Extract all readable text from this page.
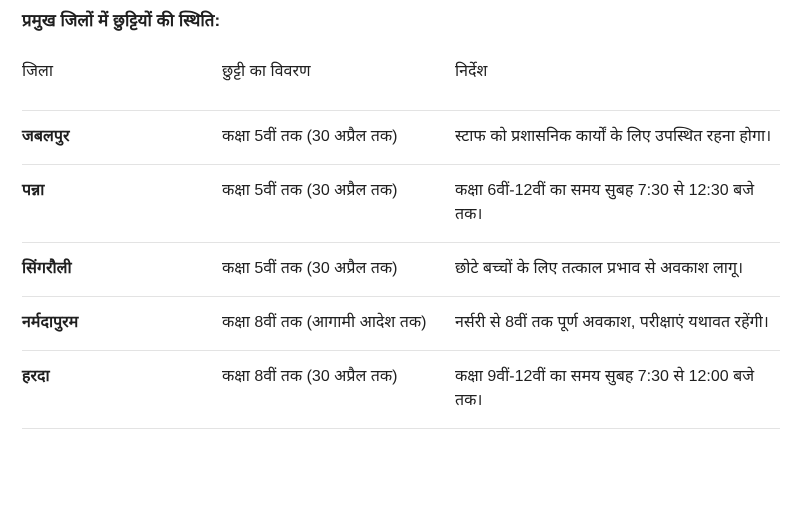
प्रमुख जिलों में छुट्टियों की स्थिति:
जिला	छुट्टी का विवरण	निर्देश
जबलपुर	कक्षा 5वीं तक (30 अप्रैल तक)	स्टाफ को प्रशासनिक कार्यों के लिए उपस्थित रहना होगा।
पन्ना	कक्षा 5वीं तक (30 अप्रैल तक)	कक्षा 6वीं-12वीं का समय सुबह 7:30 से 12:30 बजे तक।
सिंगरौली	कक्षा 5वीं तक (30 अप्रैल तक)	छोटे बच्चों के लिए तत्काल प्रभाव से अवकाश लागू।
नर्मदापुरम	कक्षा 8वीं तक (आगामी आदेश तक)	नर्सरी से 8वीं तक पूर्ण अवकाश, परीक्षाएं यथावत रहेंगी।
हरदा	कक्षा 8वीं तक (30 अप्रैल तक)	कक्षा 9वीं-12वीं का समय सुबह 7:30 से 12:00 बजे तक।
